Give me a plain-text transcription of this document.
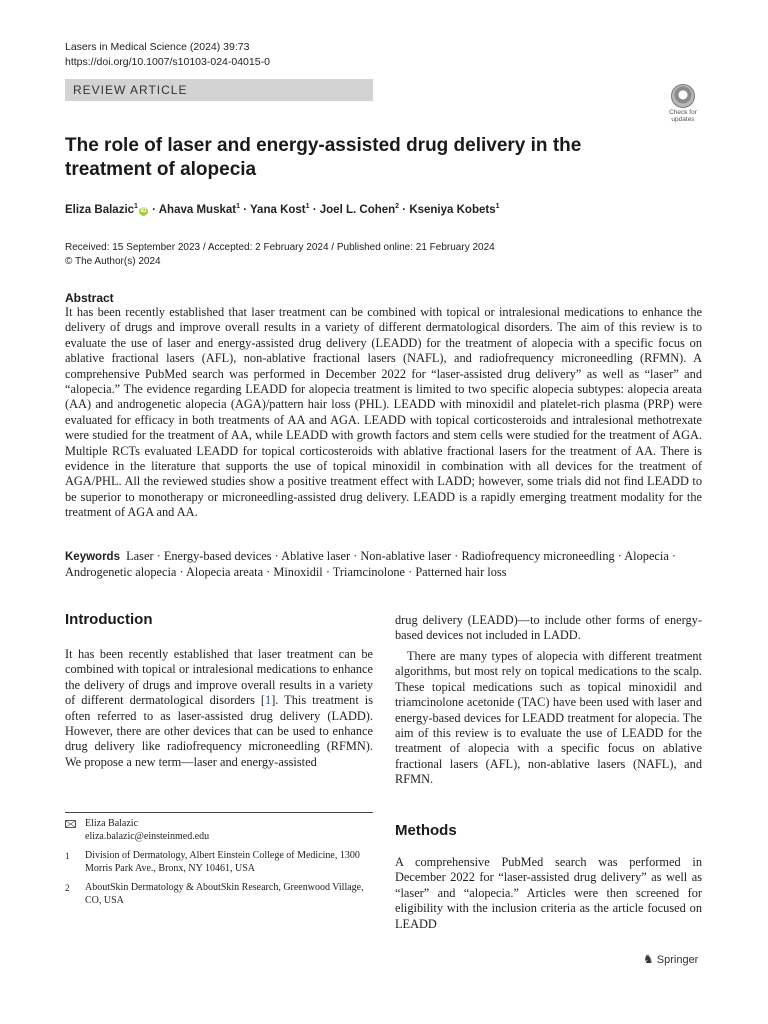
Lasers in Medical Science (2024) 39:73
https://doi.org/10.1007/s10103-024-04015-0
REVIEW ARTICLE
Check for
updates
The role of laser and energy-assisted drug delivery in the treatment of alopecia
Eliza Balazic$^1$iD · Ahava Muskat$^1$ · Yana Kost$^1$ · Joel L. Cohen$^2$ · Kseniya Kobets$^1$
Received: 15 September 2023 / Accepted: 2 February 2024 / Published online: 21 February 2024
© The Author(s) 2024
Abstract

It has been recently established that laser treatment can be combined with topical or intralesional medications to enhance the delivery of drugs and improve overall results in a variety of different dermatological disorders. The aim of this review is to evaluate the use of laser and energy-assisted drug delivery (LEADD) for the treatment of alopecia with a specific focus on ablative fractional lasers (AFL), non-ablative fractional lasers (NAFL), and radiofrequency microneedling (RFMN). A comprehensive PubMed search was performed in December 2022 for “laser-assisted drug delivery” as well as “laser” and “alopecia.” The evidence regarding LEADD for alopecia treatment is limited to two specific alopecia subtypes: alopecia areata (AA) and androgenetic alopecia (AGA)/pattern hair loss (PHL). LEADD with minoxidil and platelet-rich plasma (PRP) were evaluated for efficacy in both treatments of AA and AGA. LEADD with topical corticosteroids and intralesional methotrexate were studied for the treatment of AA, while LEADD with growth factors and stem cells were studied for the treatment of AGA. Multiple RCTs evaluated LEADD for topical corticosteroids with ablative fractional lasers for the treatment of AA. There is evidence in the literature that supports the use of topical minoxidil in combination with all devices for the treatment of AGA/PHL. All the reviewed studies show a positive treatment effect with LADD; however, some trials did not find LEADD to be superior to monotherapy or microneedling-assisted drug delivery. LEADD is a rapidly emerging treatment modality for the treatment of AGA and AA.

Keywords Laser · Energy-based devices · Ablative laser · Non-ablative laser · Radiofrequency microneedling · Alopecia · Androgenetic alopecia · Alopecia areata · Minoxidil · Triamcinolone · Patterned hair loss
Introduction

It has been recently established that laser treatment can be combined with topical or intralesional medications to enhance the delivery of drugs and improve overall results in a variety of different dermatological disorders [1]. This treatment is often referred to as laser-assisted drug delivery (LADD). However, there are other devices that can be used to enhance drug delivery like radiofrequency microneedling (RFMN). We propose a new term—laser and energy-assisted

Eliza Balazic
eliza.balazic@einsteinmed.edu
1	Division of Dermatology, Albert Einstein College of Medicine, 1300 Morris Park Ave., Bronx, NY 10461, USA
2	AboutSkin Dermatology & AboutSkin Research, Greenwood Village, CO, USA

drug delivery (LEADD)—to include other forms of energy-based devices not included in LADD.

There are many types of alopecia with different treatment algorithms, but most rely on topical medications to the scalp. These topical medications such as topical minoxidil and triamcinolone acetonide (TAC) have been used with laser and energy-based devices for LEADD treatment for alopecia. The aim of this review is to evaluate the use of LEADD for the treatment of alopecia with a specific focus on ablative fractional lasers (AFL), non-ablative lasers (NAFL), and RFMN.

Methods

A comprehensive PubMed search was performed in December 2022 for “laser-assisted drug delivery” as well as “laser” and “alopecia.” Articles were then screened for eligibility with the inclusion criteria as the article focused on LEADD

♞ Springer
